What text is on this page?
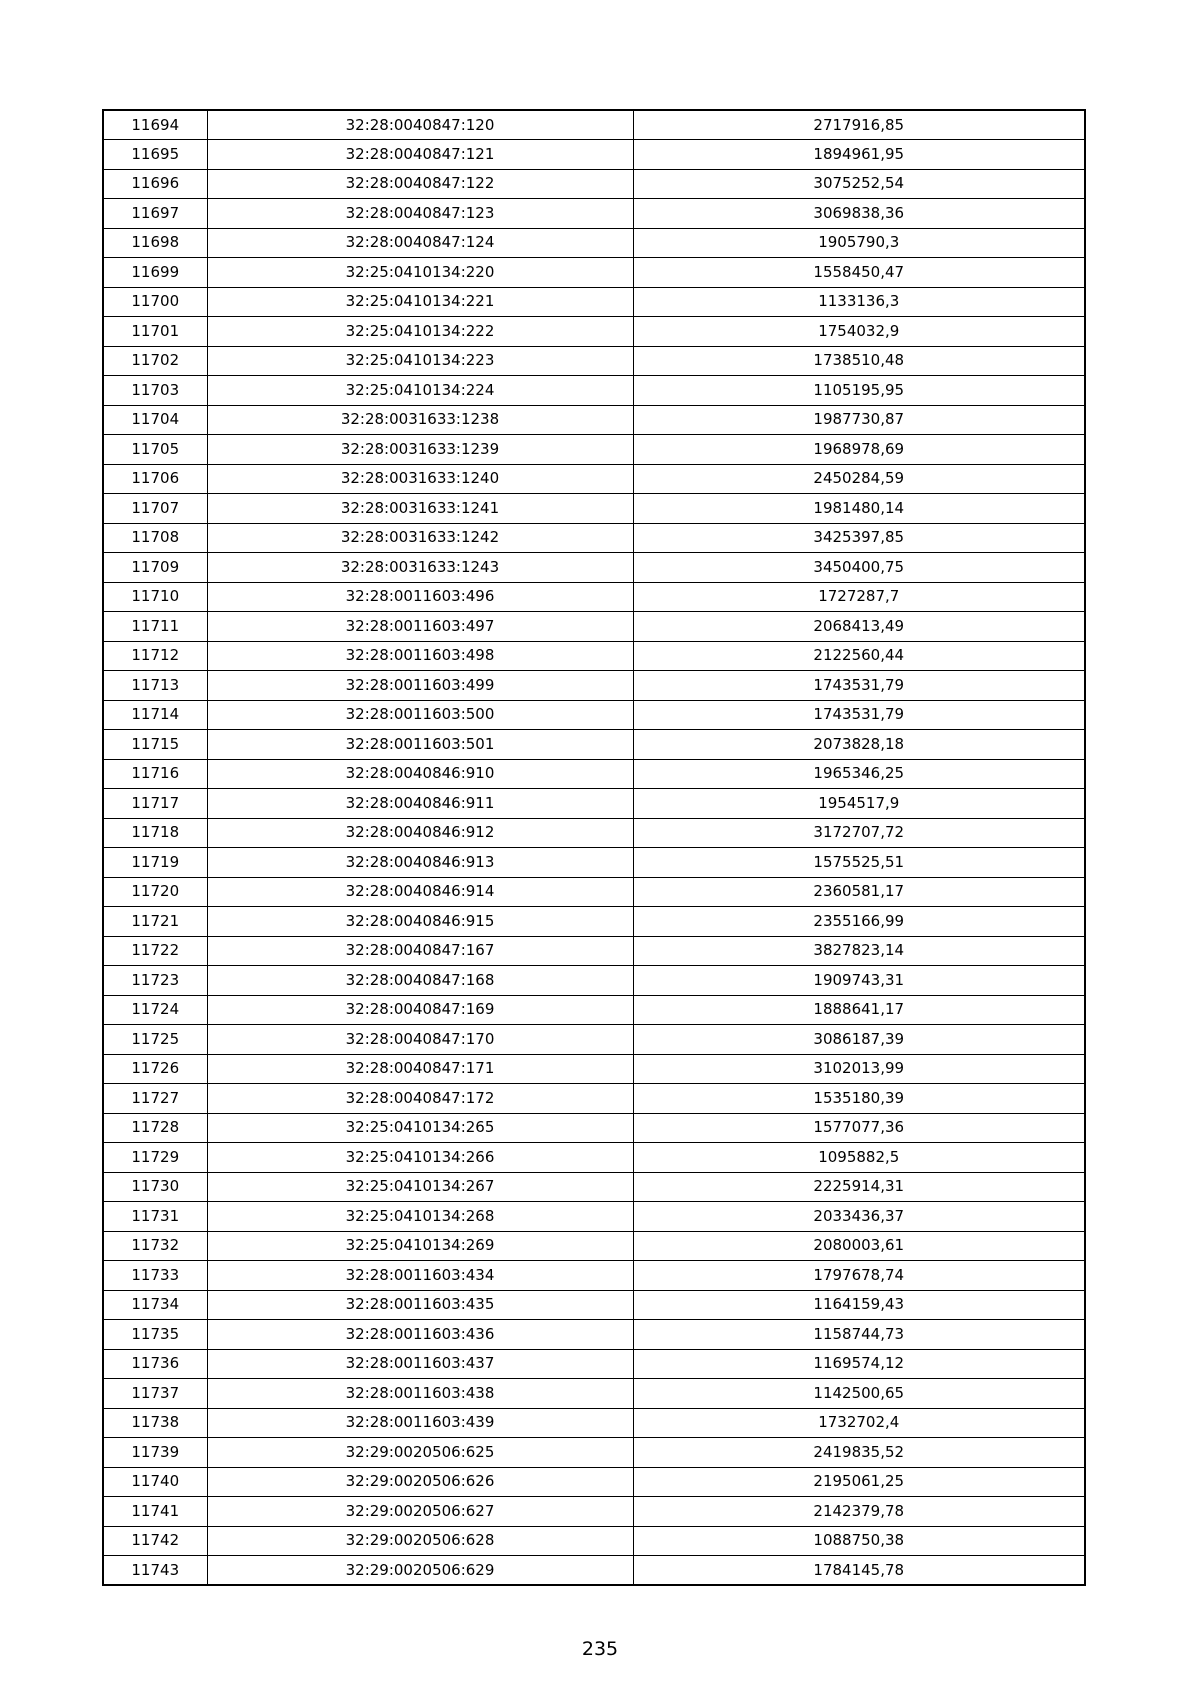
11694	32:28:0040847:120	2717916,85
11695	32:28:0040847:121	1894961,95
11696	32:28:0040847:122	3075252,54
11697	32:28:0040847:123	3069838,36
11698	32:28:0040847:124	1905790,3
11699	32:25:0410134:220	1558450,47
11700	32:25:0410134:221	1133136,3
11701	32:25:0410134:222	1754032,9
11702	32:25:0410134:223	1738510,48
11703	32:25:0410134:224	1105195,95
11704	32:28:0031633:1238	1987730,87
11705	32:28:0031633:1239	1968978,69
11706	32:28:0031633:1240	2450284,59
11707	32:28:0031633:1241	1981480,14
11708	32:28:0031633:1242	3425397,85
11709	32:28:0031633:1243	3450400,75
11710	32:28:0011603:496	1727287,7
11711	32:28:0011603:497	2068413,49
11712	32:28:0011603:498	2122560,44
11713	32:28:0011603:499	1743531,79
11714	32:28:0011603:500	1743531,79
11715	32:28:0011603:501	2073828,18
11716	32:28:0040846:910	1965346,25
11717	32:28:0040846:911	1954517,9
11718	32:28:0040846:912	3172707,72
11719	32:28:0040846:913	1575525,51
11720	32:28:0040846:914	2360581,17
11721	32:28:0040846:915	2355166,99
11722	32:28:0040847:167	3827823,14
11723	32:28:0040847:168	1909743,31
11724	32:28:0040847:169	1888641,17
11725	32:28:0040847:170	3086187,39
11726	32:28:0040847:171	3102013,99
11727	32:28:0040847:172	1535180,39
11728	32:25:0410134:265	1577077,36
11729	32:25:0410134:266	1095882,5
11730	32:25:0410134:267	2225914,31
11731	32:25:0410134:268	2033436,37
11732	32:25:0410134:269	2080003,61
11733	32:28:0011603:434	1797678,74
11734	32:28:0011603:435	1164159,43
11735	32:28:0011603:436	1158744,73
11736	32:28:0011603:437	1169574,12
11737	32:28:0011603:438	1142500,65
11738	32:28:0011603:439	1732702,4
11739	32:29:0020506:625	2419835,52
11740	32:29:0020506:626	2195061,25
11741	32:29:0020506:627	2142379,78
11742	32:29:0020506:628	1088750,38
11743	32:29:0020506:629	1784145,78
235
